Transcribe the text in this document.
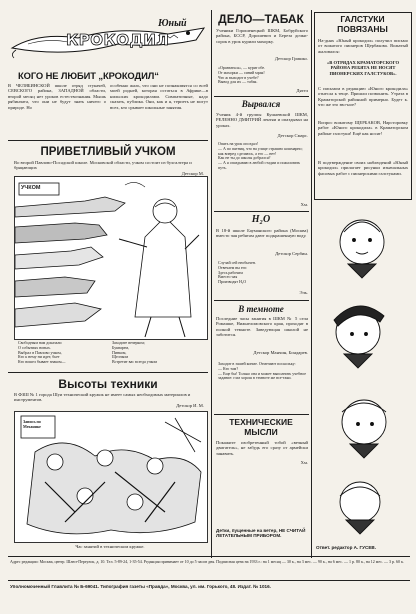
КРОКОДИЛ
Юный
КОГО НЕ ЛЮБИТ „КРОКОДИЛ“
В ЧЕЛЯБИНСКОЙ школе отряд стукачей, СЕВСКОГО района, ЗАПАДНОЙ области, второй месяц нет уроков естествознания. Мышь рябинчата, что они не будут знать ничего о природе. Но
особенно жаль, что они не познакомятся со всей моей родней, которая остаться в Африке—в нильских крокодилами. Симпатичные, надо сказать, публика. Они, как и я, терпеть не могут всех, кто срывает школьные занятия.
ПРИВЕТЛИВЫЙ УЧКОМ
Во второй Павлово-Посадской школе. Московской области, учком состоит из бухгалтера и бряцающих
Детскор М.
УЧКОМ
Свободным нам доказали
О событиях новых.
Выбрал в Павлово учком,
Кто к нему ни идет, бьет
Кто вошел бывает знаком—
Заходите вечерком;
Букварем,
Пинком,
Щелчком
Встретит вас всегда учком
Высоты техники
В ФЗШ № 1 города Шуи технический кружок не имеет самых необходимых материалов и инструментов.
Детскор И. М.
Запись по Механике
Час занятий в техническом кружке.
ДЕЛО—ТАБАК
Ученики Горошенецкой ШКМ, Бобруйского района, БССР, Дорошевич и Береза дочки-сорок в урок курили махорку.
Детскор Гришко.
«Оразваться», — курят обе.
От махорки — синий мрак!
Что ж выходит в учебе?
Вывод для их — табак.
Дятел
Вырвался
Ученик 4-й группы Кушаевской ШКМ, РЕЛЕННО ДМИТРИЙ лентяи и опаздывал на уроках.
Детскор Смарс.
Опять на урок опоздал!
— А по пятниц, что на улице страшно кошмарно; как вперед сделаюсь, а его — нет!
Как не ты до школы добрался?
— А я опаздываю в любой стадии и пожаловать путь.
Хм.
H₂O
В 18-й школе Бауманского района (Москва) вместо чая ребятам дают подкрашенную воду.
Детскор Сербин.
Случай сей необычен.
Отвечаем вы его:
Здесь рабочим
Вместо чая
Производят H₂O
Эль.
В темноте
Последние часы занятия в ШКМ № 5 села Ромашке, Нижнеломовского края, проходят в полной темноте. Заведующая школой не заботится.
Детскор Манчин, Бондарев.
Заходит в зашей конме. Отмечают поскольку:
— Кто там?
— Еще бы! Только она и может выполнить учебное задание: глаз хорош в темноте же все-таки.
ТЕХНИЧЕСКИЕ МЫСЛИ
Покажите изобретенный тобой «вечный двигатель», не забудь его сразу от армейски занавить.
Хм.
Детки, пущенные на ветер, НЕ СЧИТАЙ ЛЕТАТЕЛЬНЫМ ПРИБОРОМ.
ГАЛСТУКИ ПОВЯЗАНЫ
На-днях «Юный крокодил» получил письмо от вожатого пионеров Щербакова. Вожатый жаловался:
«В ОТРЯДАХ КРАМАТОРСКОГО РАЙОНА РЕБЯТА НЕ НОСЯТ ПИОНЕРСКИХ ГАЛСТУКОВ».
С письмом в редакцию «Юного крокодила» отнесла к теще. Пришли позвонить. Утрата в Краматорской районной примерно. Будет к. что же это зво-ное?
Вопрос вожатому ЩЕРБАКОВ, Нарсторовку работ «Юного крокодила» в Краматорском районе галстуки! Ещё как носят!
В подтверждение своих наблюдений «Юный крокодил» прилагает рисунки изначальных фасовых работ с пионерскими галстуками.
Ответ. редактор А. ГУСЕВ.
Адрес редакции: Москва, центр. Шлюз-Переулок, д. 10. Тел. 5-89-24, 1-35-54. Редакция принимает от 10 до 5 часов дня. Подписная цена на 1933 г.: на 1 месяц — 30 к., на 3 мес. — 90 к., на 6 мес. — 1 р. 80 к., на 12 мес. — 3 р. 60 к.
Уполномоченный Главлита № Б-69041. Типография газеты «Правда», Москва, ул. им. Горького, 48. Издат. № 1016.
